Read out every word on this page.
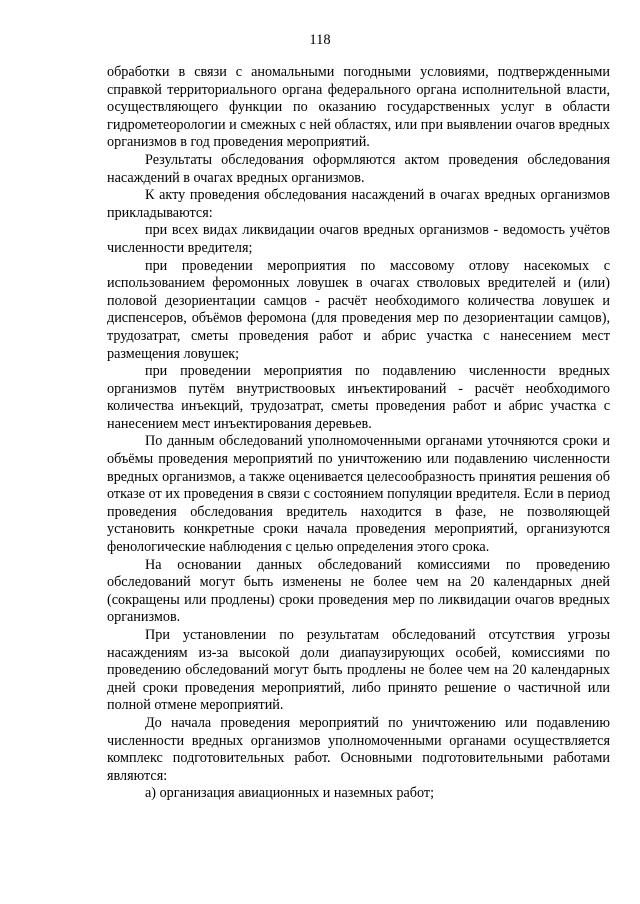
118

обработки в связи с аномальными погодными условиями, подтвержденными справкой территориального органа федерального органа исполнительной власти, осуществляющего функции по оказанию государственных услуг в области гидрометеорологии и смежных с ней областях, или при выявлении очагов вредных организмов в год проведения мероприятий.

Результаты обследования оформляются актом проведения обследования насаждений в очагах вредных организмов.

К акту проведения обследования насаждений в очагах вредных организмов прикладываются:

при всех видах ликвидации очагов вредных организмов - ведомость учётов численности вредителя;

при проведении мероприятия по массовому отлову насекомых с использованием феромонных ловушек в очагах стволовых вредителей и (или) половой дезориентации самцов - расчёт необходимого количества ловушек и диспенсеров, объёмов феромона (для проведения мер по дезориентации самцов), трудозатрат, сметы проведения работ и абрис участка с нанесением мест размещения ловушек;

при проведении мероприятия по подавлению численности вредных организмов путём внутриствоовых инъектирований - расчёт необходимого количества инъекций, трудозатрат, сметы проведения работ и абрис участка с нанесением мест инъектирования деревьев.

По данным обследований уполномоченными органами уточняются сроки и объёмы проведения мероприятий по уничтожению или подавлению численности вредных организмов, а также оценивается целесообразность принятия решения об отказе от их проведения в связи с состоянием популяции вредителя. Если в период проведения обследования вредитель находится в фазе, не позволяющей установить конкретные сроки начала проведения мероприятий, организуются фенологические наблюдения с целью определения этого срока.

На основании данных обследований комиссиями по проведению обследований могут быть изменены не более чем на 20 календарных дней (сокращены или продлены) сроки проведения мер по ликвидации очагов вредных организмов.

При установлении по результатам обследований отсутствия угрозы насаждениям из-за высокой доли диапаузирующих особей, комиссиями по проведению обследований могут быть продлены не более чем на 20 календарных дней сроки проведения мероприятий, либо принято решение о частичной или полной отмене мероприятий.

До начала проведения мероприятий по уничтожению или подавлению численности вредных организмов уполномоченными органами осуществляется комплекс подготовительных работ. Основными подготовительными работами являются:

а) организация авиационных и наземных работ;
